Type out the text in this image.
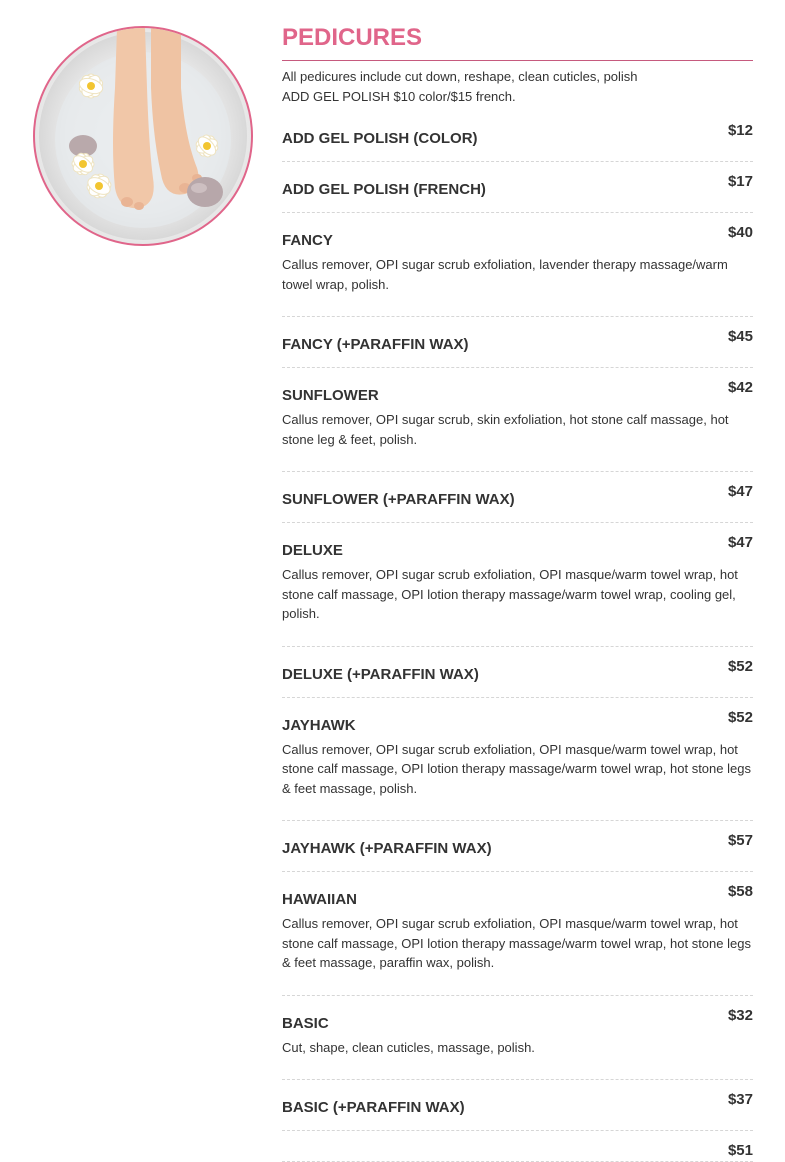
PEDICURES
All pedicures include cut down, reshape, clean cuticles, polish
ADD GEL POLISH $10 color/$15 french.
ADD GEL POLISH (COLOR)	$12
ADD GEL POLISH (FRENCH)	$17
FANCY	$40
Callus remover, OPI sugar scrub exfoliation, lavender therapy massage/warm towel wrap, polish.
FANCY (+PARAFFIN WAX)	$45
SUNFLOWER	$42
Callus remover, OPI sugar scrub, skin exfoliation, hot stone calf massage, hot stone leg & feet, polish.
SUNFLOWER (+PARAFFIN WAX)	$47
DELUXE	$47
Callus remover, OPI sugar scrub exfoliation, OPI masque/warm towel wrap, hot stone calf massage, OPI lotion therapy massage/warm towel wrap, cooling gel, polish.
DELUXE (+PARAFFIN WAX)	$52
JAYHAWK	$52
Callus remover, OPI sugar scrub exfoliation, OPI masque/warm towel wrap, hot stone calf massage, OPI lotion therapy massage/warm towel wrap, hot stone legs & feet massage, polish.
JAYHAWK (+PARAFFIN WAX)	$57
HAWAIIAN	$58
Callus remover, OPI sugar scrub exfoliation, OPI masque/warm towel wrap, hot stone calf massage, OPI lotion therapy massage/warm towel wrap, hot stone legs & feet massage, paraffin wax, polish.
BASIC	$32
Cut, shape, clean cuticles, massage, polish.
BASIC (+PARAFFIN WAX)	$37
$51
